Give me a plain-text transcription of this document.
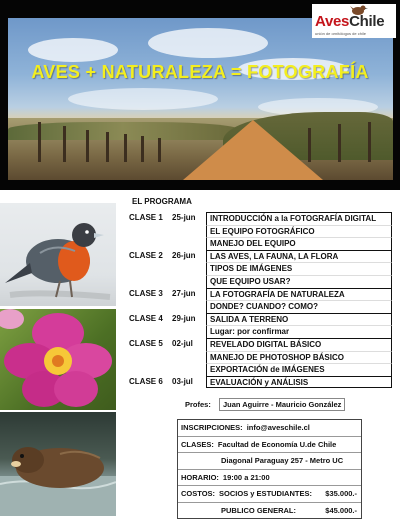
AVES + NATURALEZA = FOTOGRAFÍA
AvesChile
unión de ornitólogos de chile
EL PROGRAMA
CLASE 1	25-jun	INTRODUCCIÓN a la FOTOGRAFÍA DIGITAL
EL EQUIPO FOTOGRÁFICO
MANEJO DEL EQUIPO
CLASE 2	26-jun	LAS AVES, LA FAUNA, LA FLORA
TIPOS DE IMÁGENES
QUE EQUIPO USAR?
CLASE 3	27-jun	LA FOTOGRAFÍA DE NATURALEZA
DONDE? CUANDO? COMO?
CLASE 4	29-jun	SALIDA A TERRENO
Lugar: por confirmar
CLASE 5	02-jul	REVELADO DIGITAL BÁSICO
MANEJO DE PHOTOSHOP BÁSICO
EXPORTACIÓN de IMÁGENES
CLASE 6	03-jul	EVALUACIÓN y ANÁLISIS
Profes: Juan Aguirre - Mauricio González
INSCRIPCIONES: info@aveschile.cl
CLASES: Facultad de Economía U.de Chile
Diagonal Paraguay 257 - Metro UC
HORARIO: 19:00 a 21:00
COSTOS: SOCIOS y ESTUDIANTES: $35.000.-
PUBLICO GENERAL:	$45.000.-
